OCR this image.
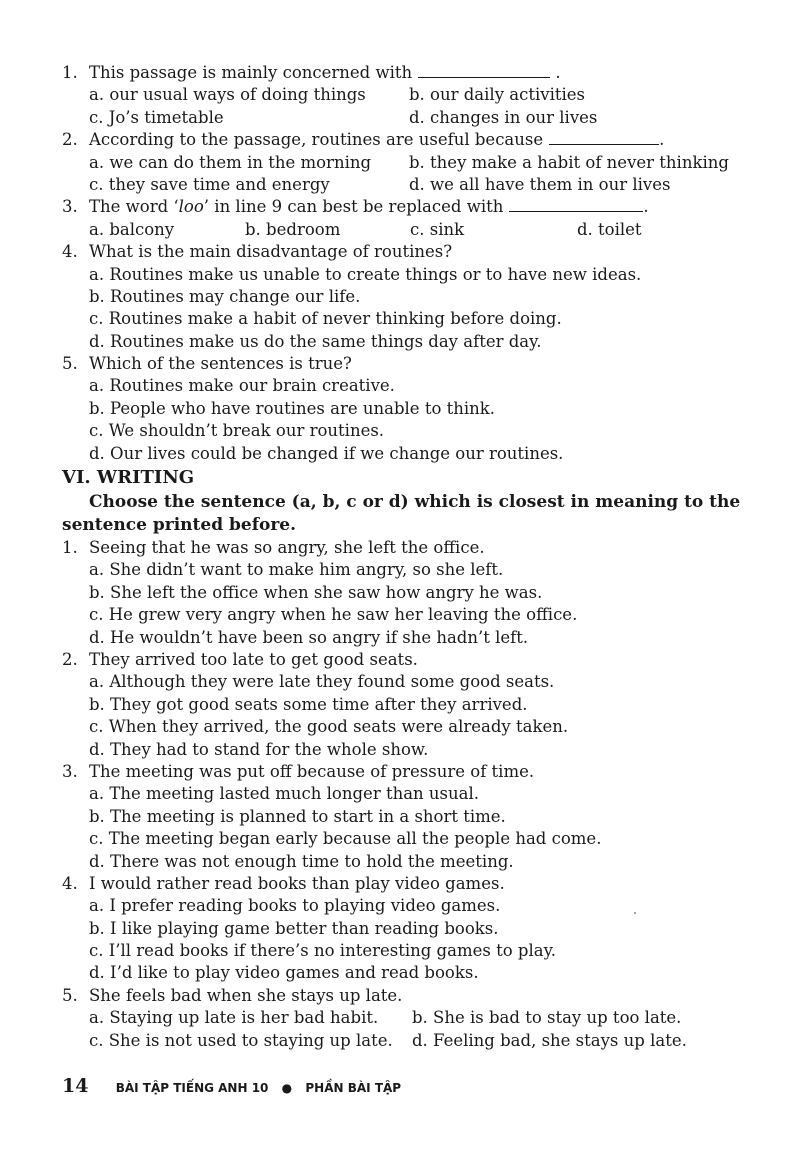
1. This passage is mainly concerned with	.
a. our usual ways of doing things	b. our daily activities
c. Jo’s timetable	d. changes in our lives
2. According to the passage, routines are useful because	.
a. we can do them in the morning b. they make a habit of never thinking
c. they save time and energy	d. we all have them in our lives
3. The word ‘loo’ in line 9 can best be replaced with	.
a. balcony	b. bedroom	c. sink	d. toilet
4. What is the main disadvantage of routines?
a. Routines make us unable to create things or to have new ideas.
b. Routines may change our life.
c. Routines make a habit of never thinking before doing.
d. Routines make us do the same things day after day.
5. Which of the sentences is true?
a. Routines make our brain creative.
b. People who have routines are unable to think.
c. We shouldn’t break our routines.
d. Our lives could be changed if we change our routines.
VI. WRITING
Choose the sentence (a, b, c or d) which is closest in meaning to the
sentence printed before.
1. Seeing that he was so angry, she left the office.
a. She didn’t want to make him angry, so she left.
b. She left the office when she saw how angry he was.
c. He grew very angry when he saw her leaving the office.
d. He wouldn’t have been so angry if she hadn’t left.
2. They arrived too late to get good seats.
a. Although they were late they found some good seats.
b. They got good seats some time after they arrived.
c. When they arrived, the good seats were already taken.
d. They had to stand for the whole show.
3. The meeting was put off because of pressure of time.
a. The meeting lasted much longer than usual.
b. The meeting is planned to start in a short time.
c. The meeting began early because all the people had come.
d. There was not enough time to hold the meeting.
4. I would rather read books than play video games.
a. I prefer reading books to playing video games.
b. I like playing game better than reading books.
c. I’ll read books if there’s no interesting games to play.
d. I’d like to play video games and read books.
5. She feels bad when she stays up late.
a. Staying up late is her bad habit. b. She is bad to stay up too late.
c. She is not used to staying up late. d. Feeling bad, she stays up late.
14 BÀI TẬP TIẾNG ANH 10 ● PHẦN BÀI TẬP
